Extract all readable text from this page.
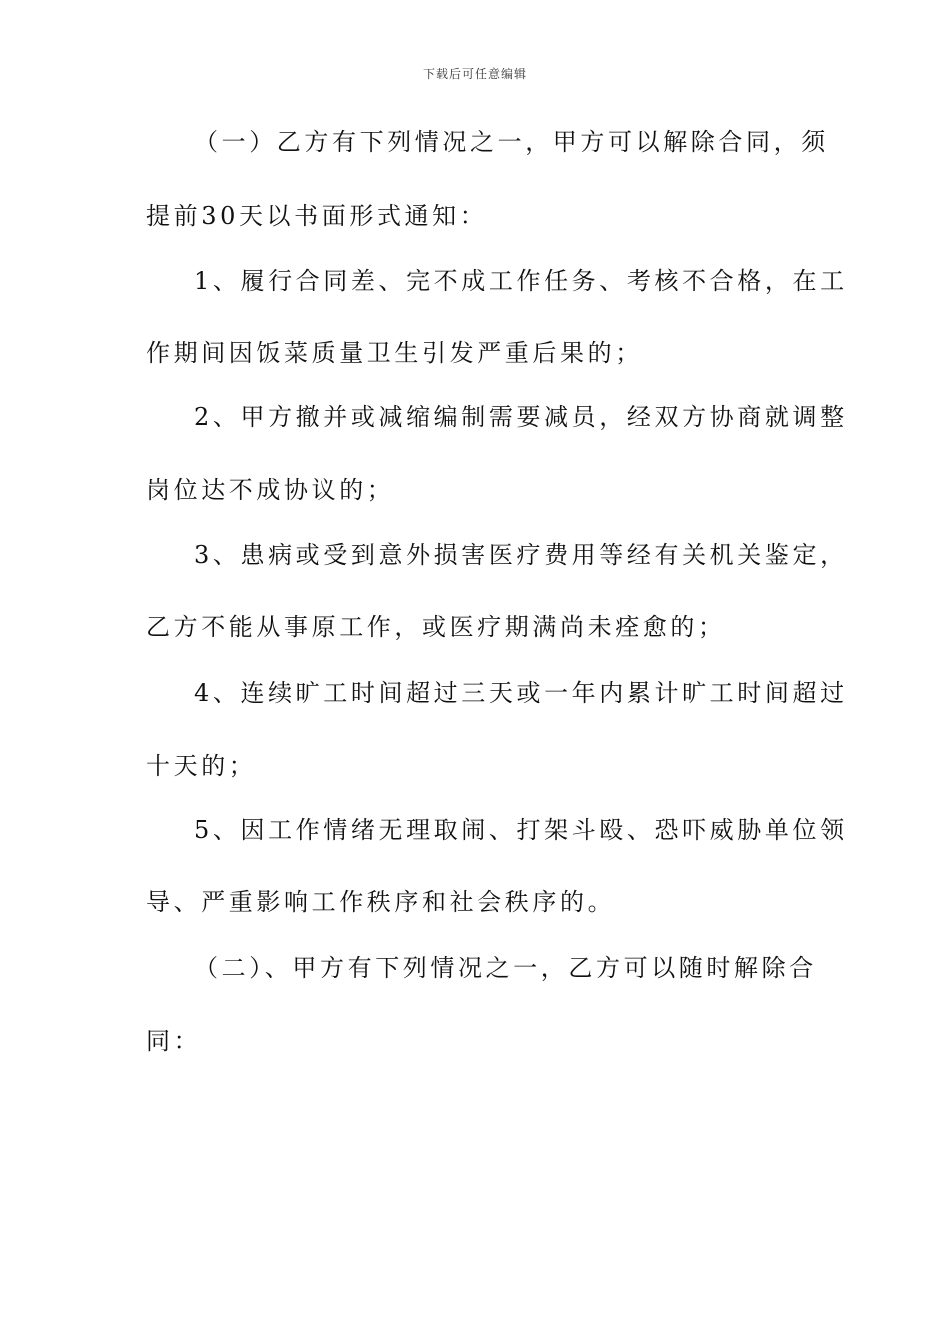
下载后可任意编辑
（一）乙方有下列情况之一，甲方可以解除合同，须
提前30天以书面形式通知：
1、履行合同差、完不成工作任务、考核不合格，在工
作期间因饭菜质量卫生引发严重后果的；
2、甲方撤并或减缩编制需要减员，经双方协商就调整
岗位达不成协议的；
3、患病或受到意外损害医疗费用等经有关机关鉴定，
乙方不能从事原工作，或医疗期满尚未痊愈的；
4、连续旷工时间超过三天或一年内累计旷工时间超过
十天的；
5、因工作情绪无理取闹、打架斗殴、恐吓威胁单位领
导、严重影响工作秩序和社会秩序的。
（二）、甲方有下列情况之一，乙方可以随时解除合
同：
